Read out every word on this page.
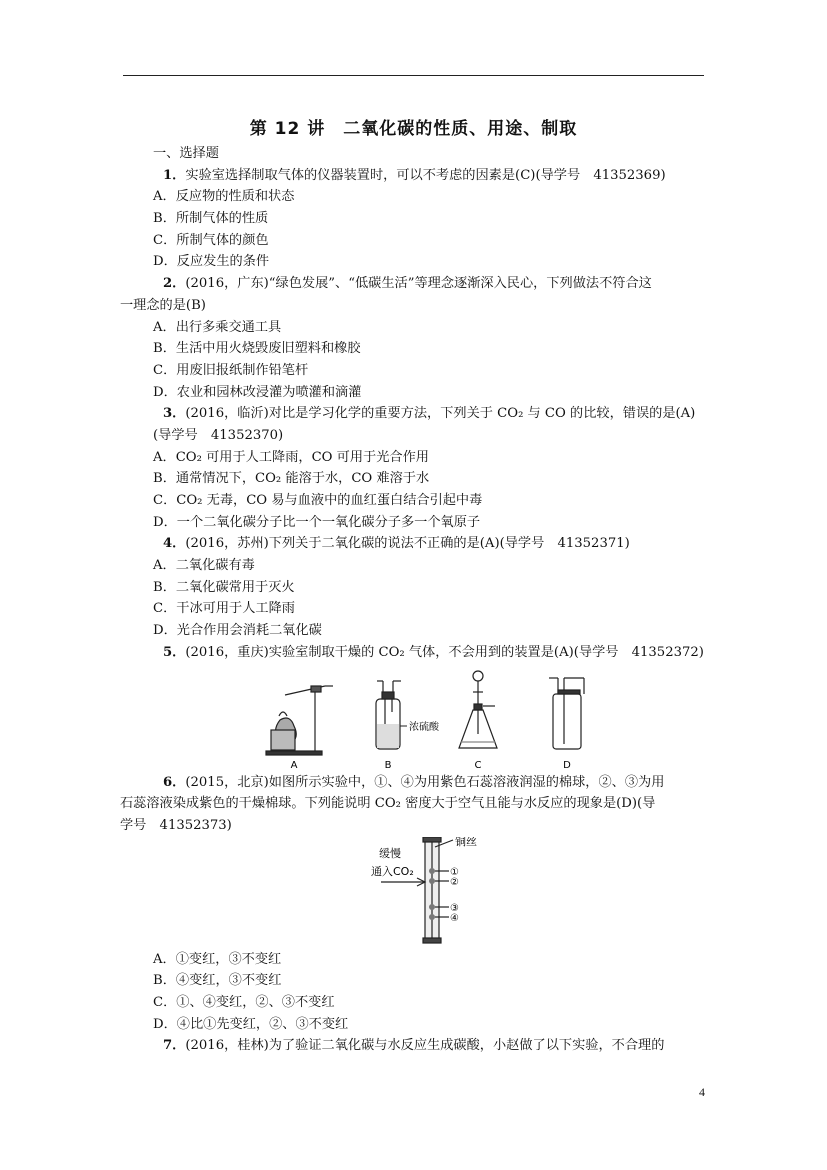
第 12 讲　二氧化碳的性质、用途、制取
一、选择题
1．实验室选择制取气体的仪器装置时，可以不考虑的因素是(C)(导学号　41352369)
A．反应物的性质和状态
B．所制气体的性质
C．所制气体的颜色
D．反应发生的条件
2．(2016，广东)“绿色发展”、“低碳生活”等理念逐渐深入民心，下列做法不符合这
一理念的是(B)
A．出行多乘交通工具
B．生活中用火烧毁废旧塑料和橡胶
C．用废旧报纸制作铅笔杆
D．农业和园林改浸灌为喷灌和滴灌
3．(2016，临沂)对比是学习化学的重要方法，下列关于 CO₂ 与 CO 的比较，错误的是(A)
(导学号　41352370)
A．CO₂ 可用于人工降雨，CO 可用于光合作用
B．通常情况下，CO₂ 能溶于水，CO 难溶于水
C．CO₂ 无毒，CO 易与血液中的血红蛋白结合引起中毒
D．一个二氧化碳分子比一个一氧化碳分子多一个氧原子
4．(2016，苏州)下列关于二氧化碳的说法不正确的是(A)(导学号　41352371)
A．二氧化碳有毒
B．二氧化碳常用于灭火
C．干冰可用于人工降雨
D．光合作用会消耗二氧化碳
5．(2016，重庆)实验室制取干燥的 CO₂ 气体，不会用到的装置是(A)(导学号　41352372)
A
浓硫酸
B	C	D
6．(2015，北京)如图所示实验中，①、④为用紫色石蕊溶液润湿的棉球，②、③为用
石蕊溶液染成紫色的干燥棉球。下列能说明 CO₂ 密度大于空气且能与水反应的现象是(D)(导
学号　41352373)
铜丝
缓慢
通入CO₂	①
②
③
④
A．①变红，③不变红
B．④变红，③不变红
C．①、④变红，②、③不变红
D．④比①先变红，②、③不变红
7．(2016，桂林)为了验证二氧化碳与水反应生成碳酸，小赵做了以下实验，不合理的
4
